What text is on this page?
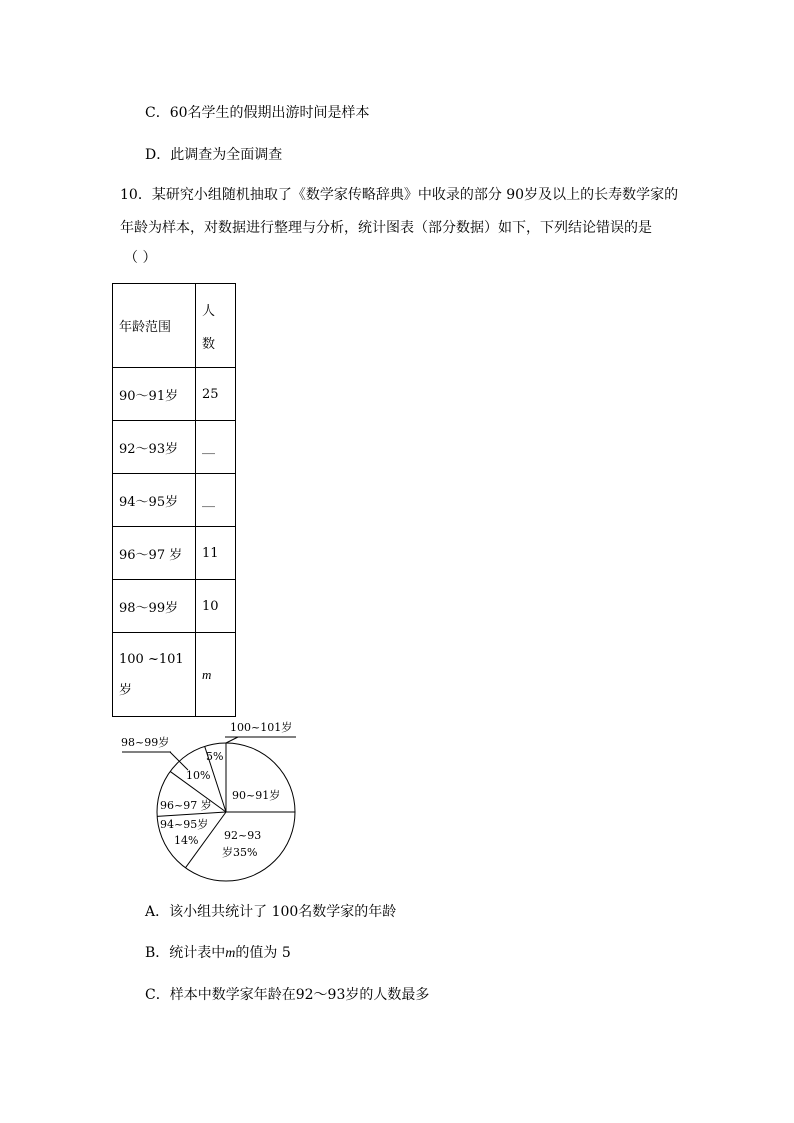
C．60名学生的假期出游时间是样本
D．此调查为全面调查
10．某研究小组随机抽取了《数学家传略辞典》中收录的部分 90岁及以上的长寿数学家的
年龄为样本，对数据进行整理与分析，统计图表（部分数据）如下，下列结论错误的是
（ ）
年龄范围	人
数

90～91岁	25
92～93岁	__
94～95岁	__
96～97 岁	11
98～99岁	10

100 ~101
岁	m
100~101岁
5%
98~99岁
10%
96~97 岁
94~95岁
14%
90~91岁
92~93
岁35%
A．该小组共统计了 100名数学家的年龄
B．统计表中m的值为 5
C．样本中数学家年龄在92～93岁的人数最多
